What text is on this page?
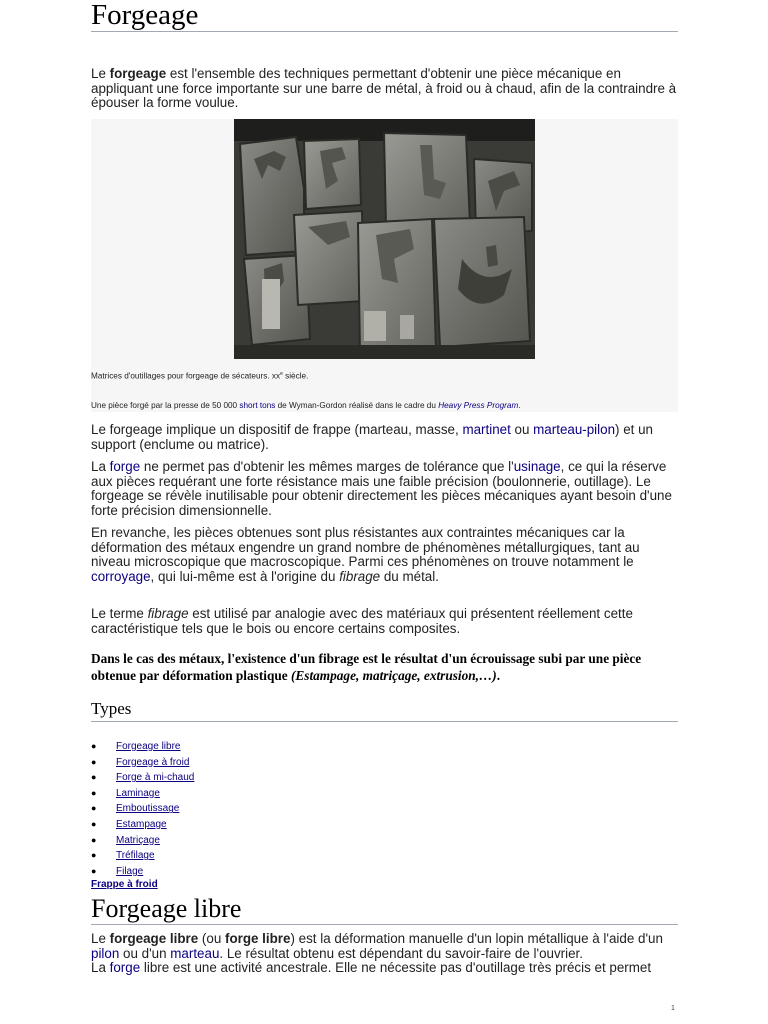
Forgeage

Le forgeage est l'ensemble des techniques permettant d'obtenir une pièce mécanique en appliquant une force importante sur une barre de métal, à froid ou à chaud, afin de la contraindre à épouser la forme voulue.

Matrices d'outillages pour forgeage de sécateurs. $xx^e$ siècle.
Une pièce forgé par la presse de 50 000 short tons de Wyman-Gordon réalisé dans le cadre du Heavy Press Program.

Le forgeage implique un dispositif de frappe (marteau, masse, martinet ou marteau-pilon) et un support (enclume ou matrice).

La forge ne permet pas d'obtenir les mêmes marges de tolérance que l'usinage, ce qui la réserve aux pièces requérant une forte résistance mais une faible précision (boulonnerie, outillage). Le forgeage se révèle inutilisable pour obtenir directement les pièces mécaniques ayant besoin d'une forte précision dimensionnelle.

En revanche, les pièces obtenues sont plus résistantes aux contraintes mécaniques car la déformation des métaux engendre un grand nombre de phénomènes métallurgiques, tant au niveau microscopique que macroscopique. Parmi ces phénomènes on trouve notamment le corroyage, qui lui-même est à l'origine du fibrage du métal.

Le terme fibrage est utilisé par analogie avec des matériaux qui présentent réellement cette caractéristique tels que le bois ou encore certains composites.

Dans le cas des métaux, l'existence d'un fibrage est le résultat d'un écrouissage subi par une pièce obtenue par déformation plastique (Estampage, matriçage, extrusion,…).
Types
● Forgeage libre
● Forgeage à froid
● Forge à mi-chaud
● Laminage
● Emboutissage
● Estampage
● Matriçage
● Tréfilage
● Filage
Frappe à froid
Forgeage libre

Le forgeage libre (ou forge libre) est la déformation manuelle d'un lopin métallique à l'aide d'un pilon ou d'un marteau. Le résultat obtenu est dépendant du savoir-faire de l'ouvrier.
La forge libre est une activité ancestrale. Elle ne nécessite pas d'outillage très précis et permet

1
